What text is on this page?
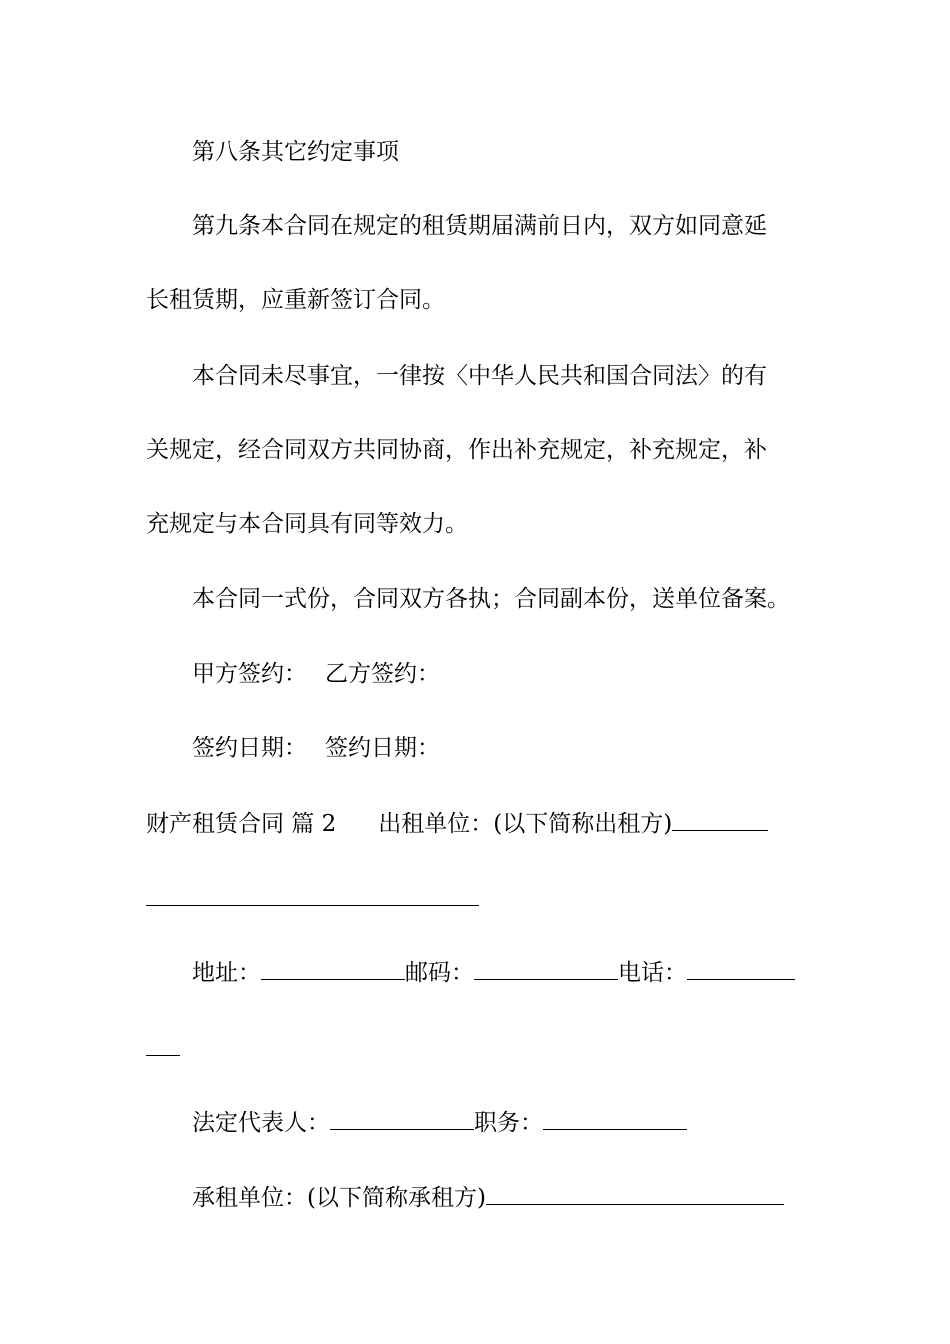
第八条其它约定事项
第九条本合同在规定的租赁期届满前日内，双方如同意延
长租赁期，应重新签订合同。
本合同未尽事宜，一律按〈中华人民共和国合同法〉的有
关规定，经合同双方共同协商，作出补充规定，补充规定，补
充规定与本合同具有同等效力。
本合同一式份，合同双方各执；合同副本份，送单位备案。
甲方签约： 乙方签约：
签约日期： 签约日期：
财产租赁合同 篇 2 出租单位：(以下简称出租方)
地址：	邮码：	电话：
法定代表人：	职务：
承租单位：(以下简称承租方)
